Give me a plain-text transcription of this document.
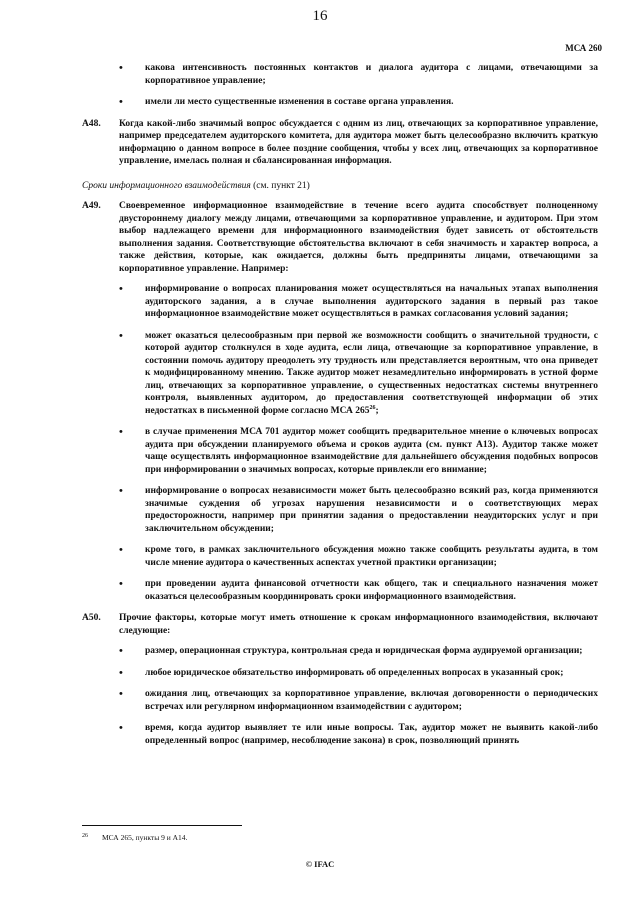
16
МСА 260
• какова интенсивность постоянных контактов и диалога аудитора с лицами, отвечающими за корпоративное управление;
• имели ли место существенные изменения в составе органа управления.
A48. Когда какой-либо значимый вопрос обсуждается с одним из лиц, отвечающих за корпоративное управление, например председателем аудиторского комитета, для аудитора может быть целесообразно включить краткую информацию о данном вопросе в более поздние сообщения, чтобы у всех лиц, отвечающих за корпоративное управление, имелась полная и сбалансированная информация.
Сроки информационного взаимодействия (см. пункт 21)
A49. Своевременное информационное взаимодействие в течение всего аудита способствует полноценному двустороннему диалогу между лицами, отвечающими за корпоративное управление, и аудитором. При этом выбор надлежащего времени для информационного взаимодействия будет зависеть от обстоятельств выполнения задания. Соответствующие обстоятельства включают в себя значимость и характер вопроса, а также действия, которые, как ожидается, должны быть предприняты лицами, отвечающими за корпоративное управление. Например:
• информирование о вопросах планирования может осуществляться на начальных этапах выполнения аудиторского задания, а в случае выполнения аудиторского задания в первый раз такое информационное взаимодействие может осуществляться в рамках согласования условий задания;
• может оказаться целесообразным при первой же возможности сообщить о значительной трудности, с которой аудитор столкнулся в ходе аудита, если лица, отвечающие за корпоративное управление, в состоянии помочь аудитору преодолеть эту трудность или представляется вероятным, что она приведет к модифицированному мнению. Также аудитор может незамедлительно информировать в устной форме лиц, отвечающих за корпоративное управление, о существенных недостатках системы внутреннего контроля, выявленных аудитором, до предоставления соответствующей информации об этих недостатках в письменной форме согласно МСА $265^{26}$;
• в случае применения МСА 701 аудитор может сообщить предварительное мнение о ключевых вопросах аудита при обсуждении планируемого объема и сроков аудита (см. пункт A13). Аудитор также может чаще осуществлять информационное взаимодействие для дальнейшего обсуждения подобных вопросов при информировании о значимых вопросах, которые привлекли его внимание;
• информирование о вопросах независимости может быть целесообразно всякий раз, когда применяются значимые суждения об угрозах нарушения независимости и о соответствующих мерах предосторожности, например при принятии задания о предоставлении неаудиторских услуг и при заключительном обсуждении;
• кроме того, в рамках заключительного обсуждения можно также сообщить результаты аудита, в том числе мнение аудитора о качественных аспектах учетной практики организации;
• при проведении аудита финансовой отчетности как общего, так и специального назначения может оказаться целесообразным координировать сроки информационного взаимодействия.
A50. Прочие факторы, которые могут иметь отношение к срокам информационного взаимодействия, включают следующие:
• размер, операционная структура, контрольная среда и юридическая форма аудируемой организации;
• любое юридическое обязательство информировать об определенных вопросах в указанный срок;
• ожидания лиц, отвечающих за корпоративное управление, включая договоренности о периодических встречах или регулярном информационном взаимодействии с аудитором;
• время, когда аудитор выявляет те или иные вопросы. Так, аудитор может не выявить какой-либо определенный вопрос (например, несоблюдение закона) в срок, позволяющий принять
26 МСА 265, пункты 9 и A14.
© IFAC
